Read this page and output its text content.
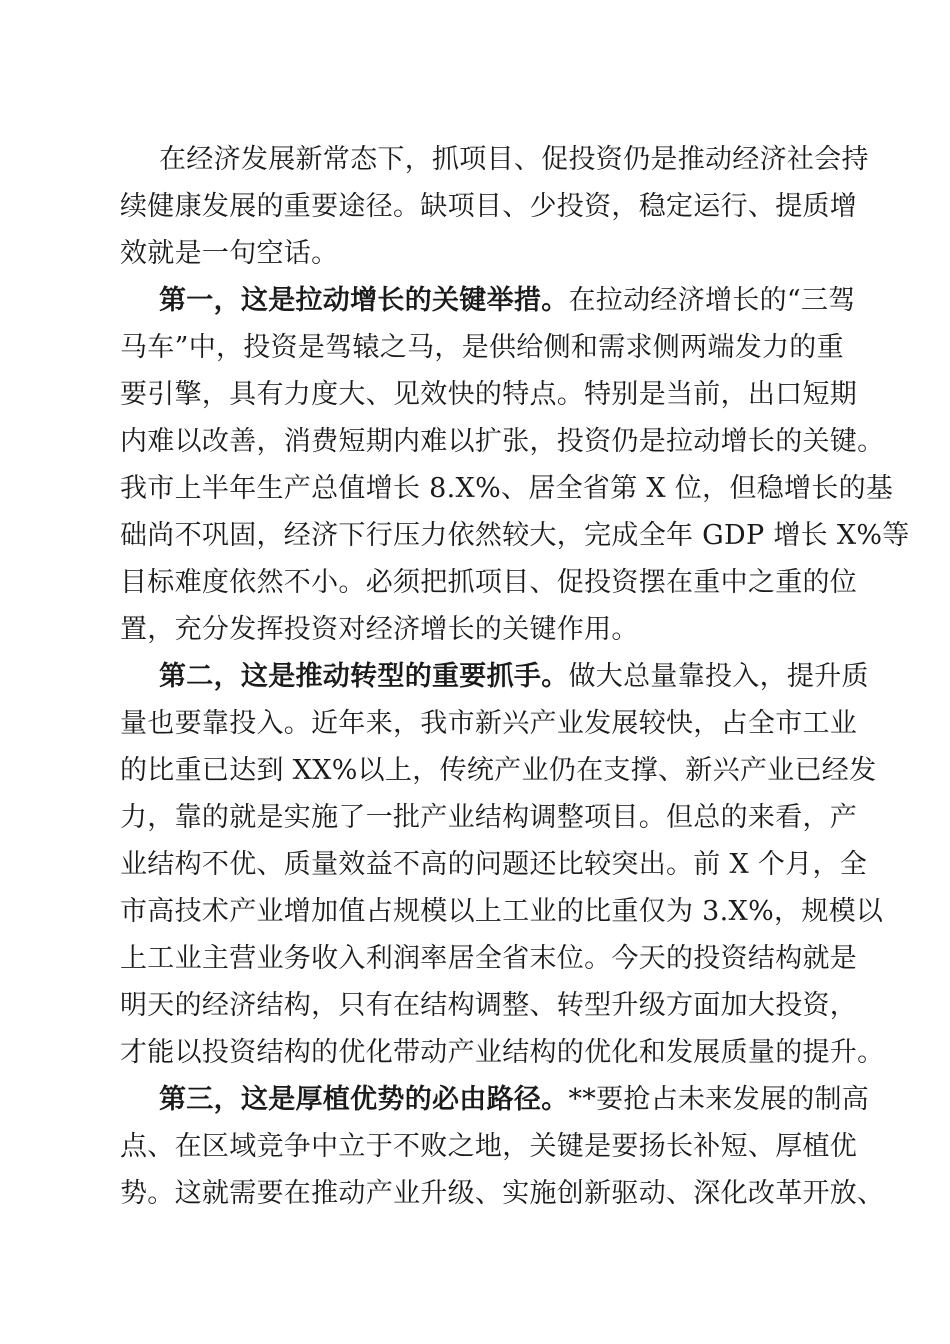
在经济发展新常态下，抓项目、促投资仍是推动经济社会持
续健康发展的重要途径。缺项目、少投资，稳定运行、提质增
效就是一句空话。
第一，这是拉动增长的关键举措。在拉动经济增长的“三驾
马车”中，投资是驾辕之马，是供给侧和需求侧两端发力的重
要引擎，具有力度大、见效快的特点。特别是当前，出口短期
内难以改善，消费短期内难以扩张，投资仍是拉动增长的关键。
我市上半年生产总值增长 8.X%、居全省第 X 位，但稳增长的基
础尚不巩固，经济下行压力依然较大，完成全年 GDP 增长 X%等
目标难度依然不小。必须把抓项目、促投资摆在重中之重的位
置，充分发挥投资对经济增长的关键作用。
第二，这是推动转型的重要抓手。做大总量靠投入，提升质
量也要靠投入。近年来，我市新兴产业发展较快，占全市工业
的比重已达到 XX%以上，传统产业仍在支撑、新兴产业已经发
力，靠的就是实施了一批产业结构调整项目。但总的来看，产
业结构不优、质量效益不高的问题还比较突出。前 X 个月，全
市高技术产业增加值占规模以上工业的比重仅为 3.X%，规模以
上工业主营业务收入利润率居全省末位。今天的投资结构就是
明天的经济结构，只有在结构调整、转型升级方面加大投资，
才能以投资结构的优化带动产业结构的优化和发展质量的提升。
第三，这是厚植优势的必由路径。**要抢占未来发展的制高
点、在区域竞争中立于不败之地，关键是要扬长补短、厚植优
势。这就需要在推动产业升级、实施创新驱动、深化改革开放、
